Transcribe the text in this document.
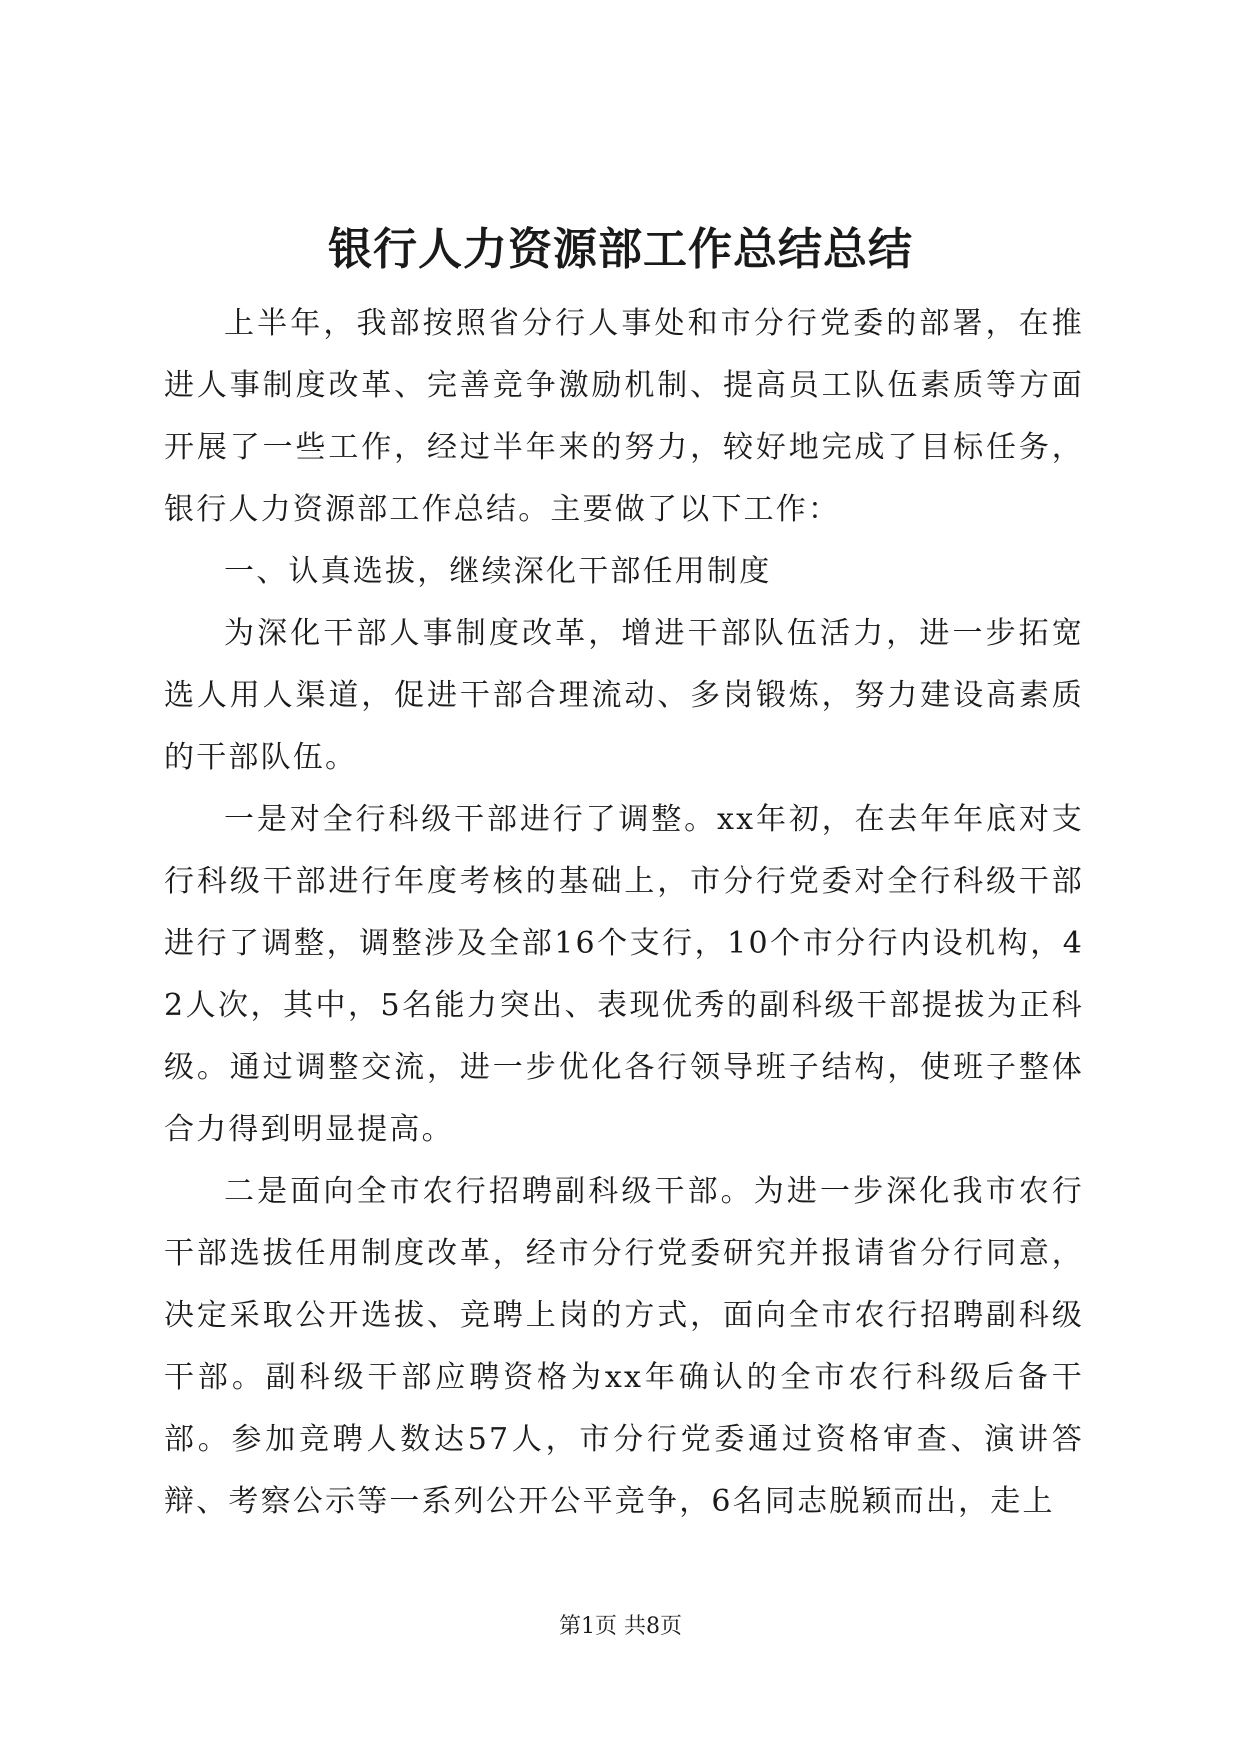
银行人力资源部工作总结总结

上半年，我部按照省分行人事处和市分行党委的部署，在推进人事制度改革、完善竞争激励机制、提高员工队伍素质等方面开展了一些工作，经过半年来的努力，较好地完成了目标任务，银行人力资源部工作总结。主要做了以下工作：

一、认真选拔，继续深化干部任用制度

为深化干部人事制度改革，增进干部队伍活力，进一步拓宽选人用人渠道，促进干部合理流动、多岗锻炼，努力建设高素质的干部队伍。

一是对全行科级干部进行了调整。xx年初，在去年年底对支行科级干部进行年度考核的基础上，市分行党委对全行科级干部进行了调整，调整涉及全部16个支行，10个市分行内设机构，42人次，其中，5名能力突出、表现优秀的副科级干部提拔为正科级。通过调整交流，进一步优化各行领导班子结构，使班子整体合力得到明显提高。

二是面向全市农行招聘副科级干部。为进一步深化我市农行干部选拔任用制度改革，经市分行党委研究并报请省分行同意，决定采取公开选拔、竞聘上岗的方式，面向全市农行招聘副科级干部。副科级干部应聘资格为xx年确认的全市农行科级后备干部。参加竞聘人数达57人，市分行党委通过资格审查、演讲答辩、考察公示等一系列公开公平竞争，6名同志脱颖而出，走上

第1页 共8页
